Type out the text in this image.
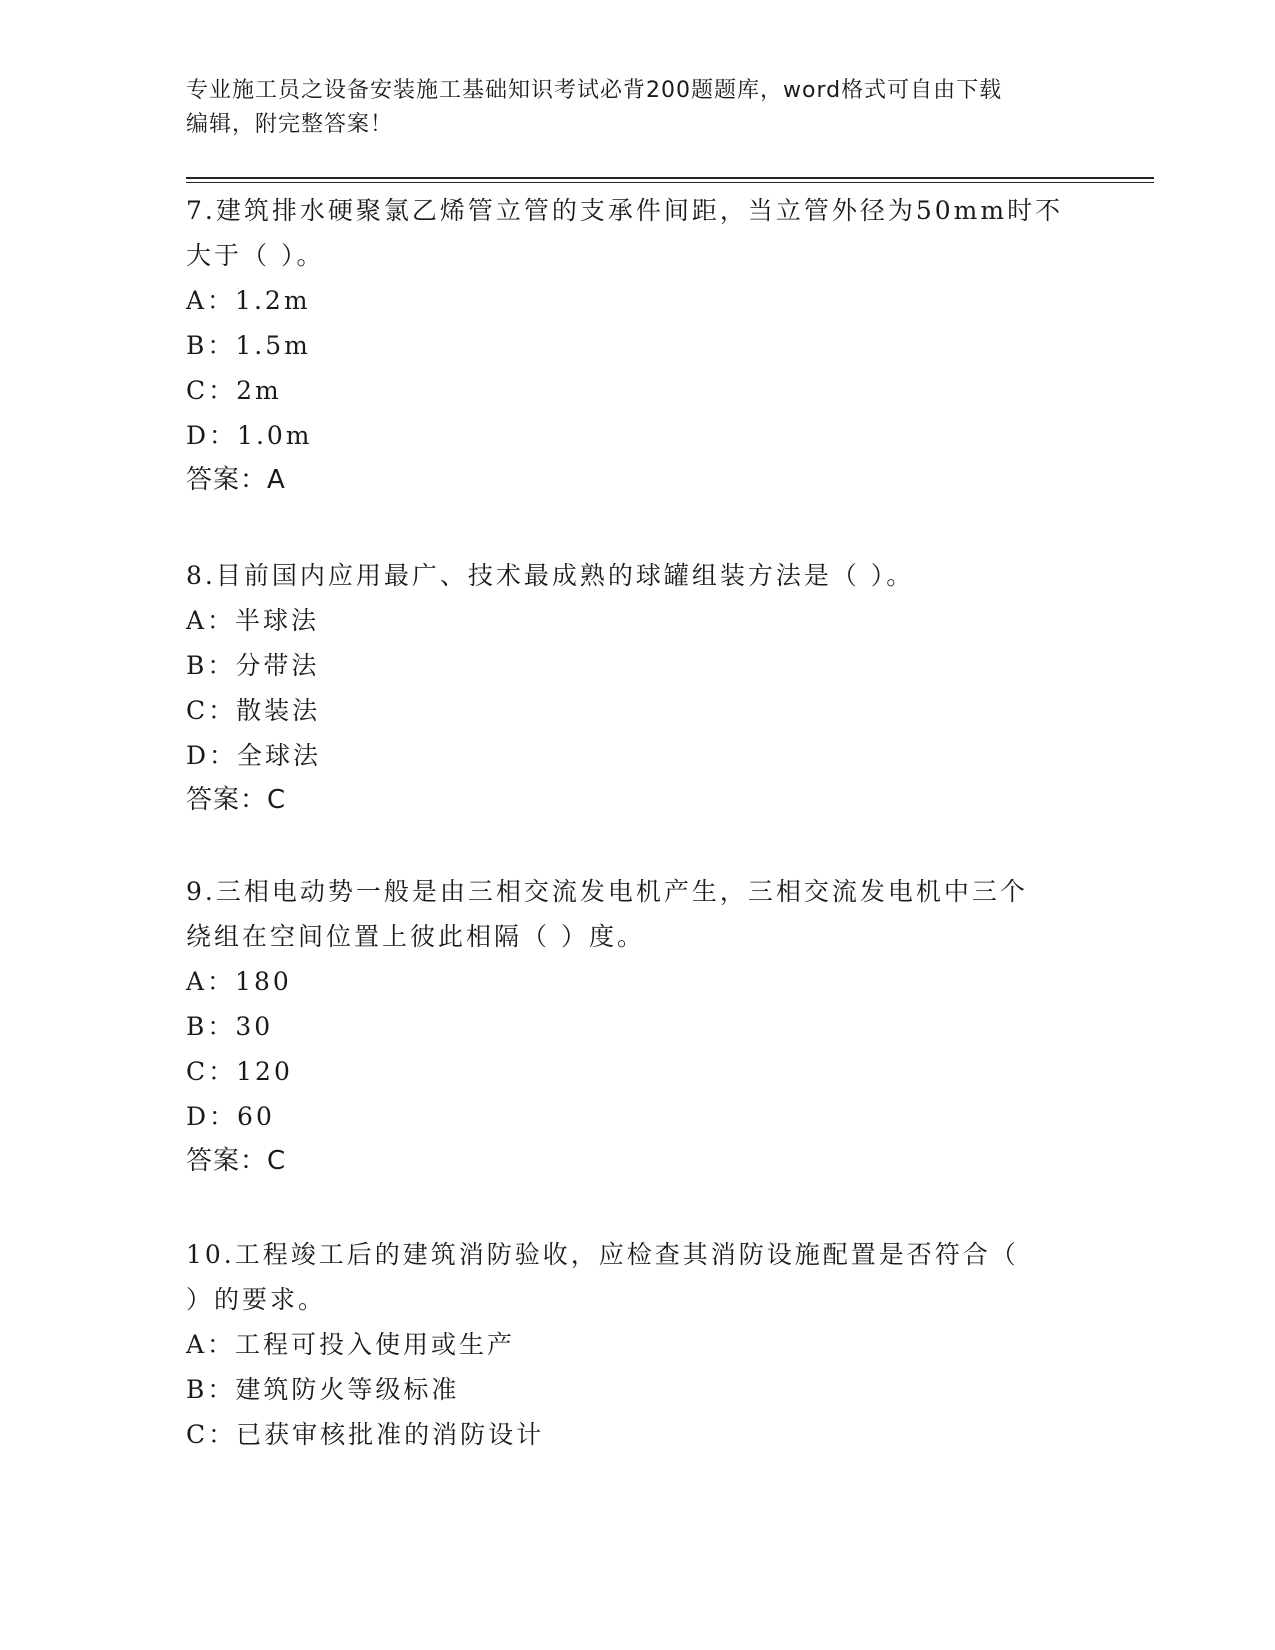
专业施工员之设备安装施工基础知识考试必背200题题库，word格式可自由下载
编辑，附完整答案！
7.建筑排水硬聚氯乙烯管立管的支承件间距，当立管外径为50mm时不
大于（ ）。
A：1.2m
B：1.5m
C：2m
D：1.0m
答案：A
8.目前国内应用最广、技术最成熟的球罐组装方法是（ ）。
A：半球法
B：分带法
C：散装法
D：全球法
答案：C
9.三相电动势一般是由三相交流发电机产生，三相交流发电机中三个
绕组在空间位置上彼此相隔（ ）度。
A：180
B：30
C：120
D：60
答案：C
10.工程竣工后的建筑消防验收，应检查其消防设施配置是否符合（
）的要求。
A：工程可投入使用或生产
B：建筑防火等级标准
C：已获审核批准的消防设计
